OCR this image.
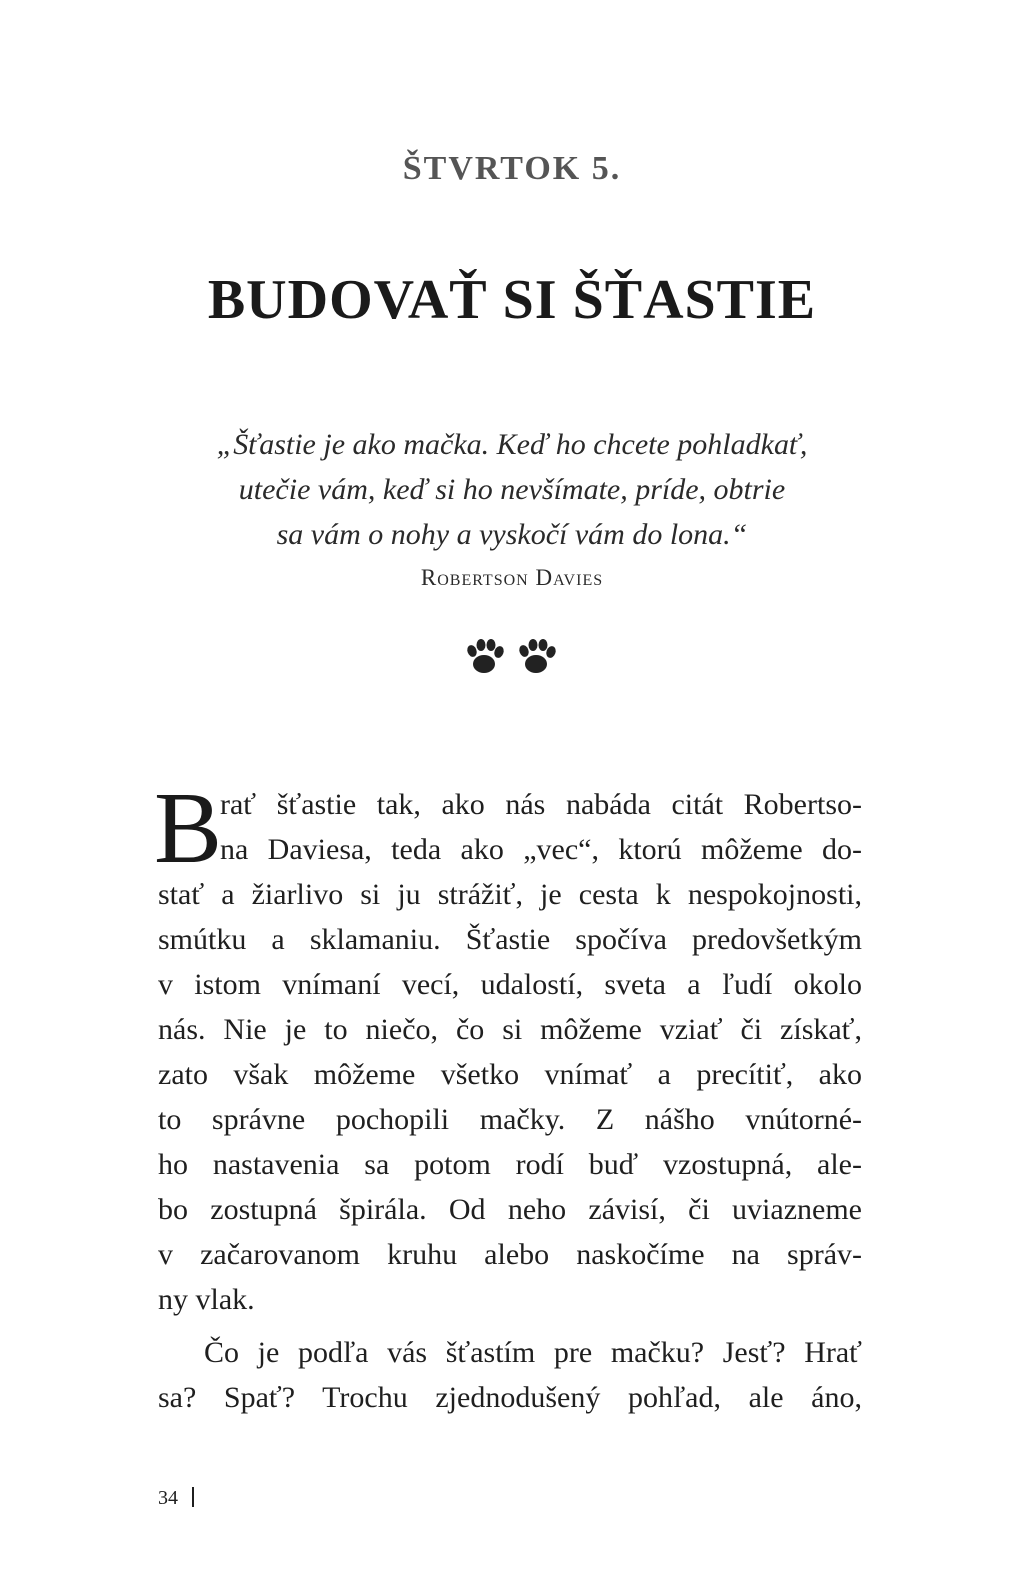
ŠTVRTOK 5.
BUDOVAŤ SI ŠŤASTIE
„Šťastie je ako mačka. Keď ho chcete pohladkať,
utečie vám, keď si ho nevšímate, príde, obtrie
sa vám o nohy a vyskočí vám do lona.“
Robertson Davies
B
rať šťastie tak, ako nás nabáda citát Robertso-
na Daviesa, teda ako „vec“, ktorú môžeme do-
stať a žiarlivo si ju strážiť, je cesta k nespokojnosti,
smútku a sklamaniu. Šťastie spočíva predovšetkým
v istom vnímaní vecí, udalostí, sveta a ľudí okolo
nás. Nie je to niečo, čo si môžeme vziať či získať,
zato však môžeme všetko vnímať a precítiť, ako
to správne pochopili mačky. Z nášho vnútorné-
ho nastavenia sa potom rodí buď vzostupná, ale-
bo zostupná špirála. Od neho závisí, či uviazneme
v začarovanom kruhu alebo naskočíme na správ-
ny vlak.
Čo je podľa vás šťastím pre mačku? Jesť? Hrať
sa? Spať? Trochu zjednodušený pohľad, ale áno,
34
